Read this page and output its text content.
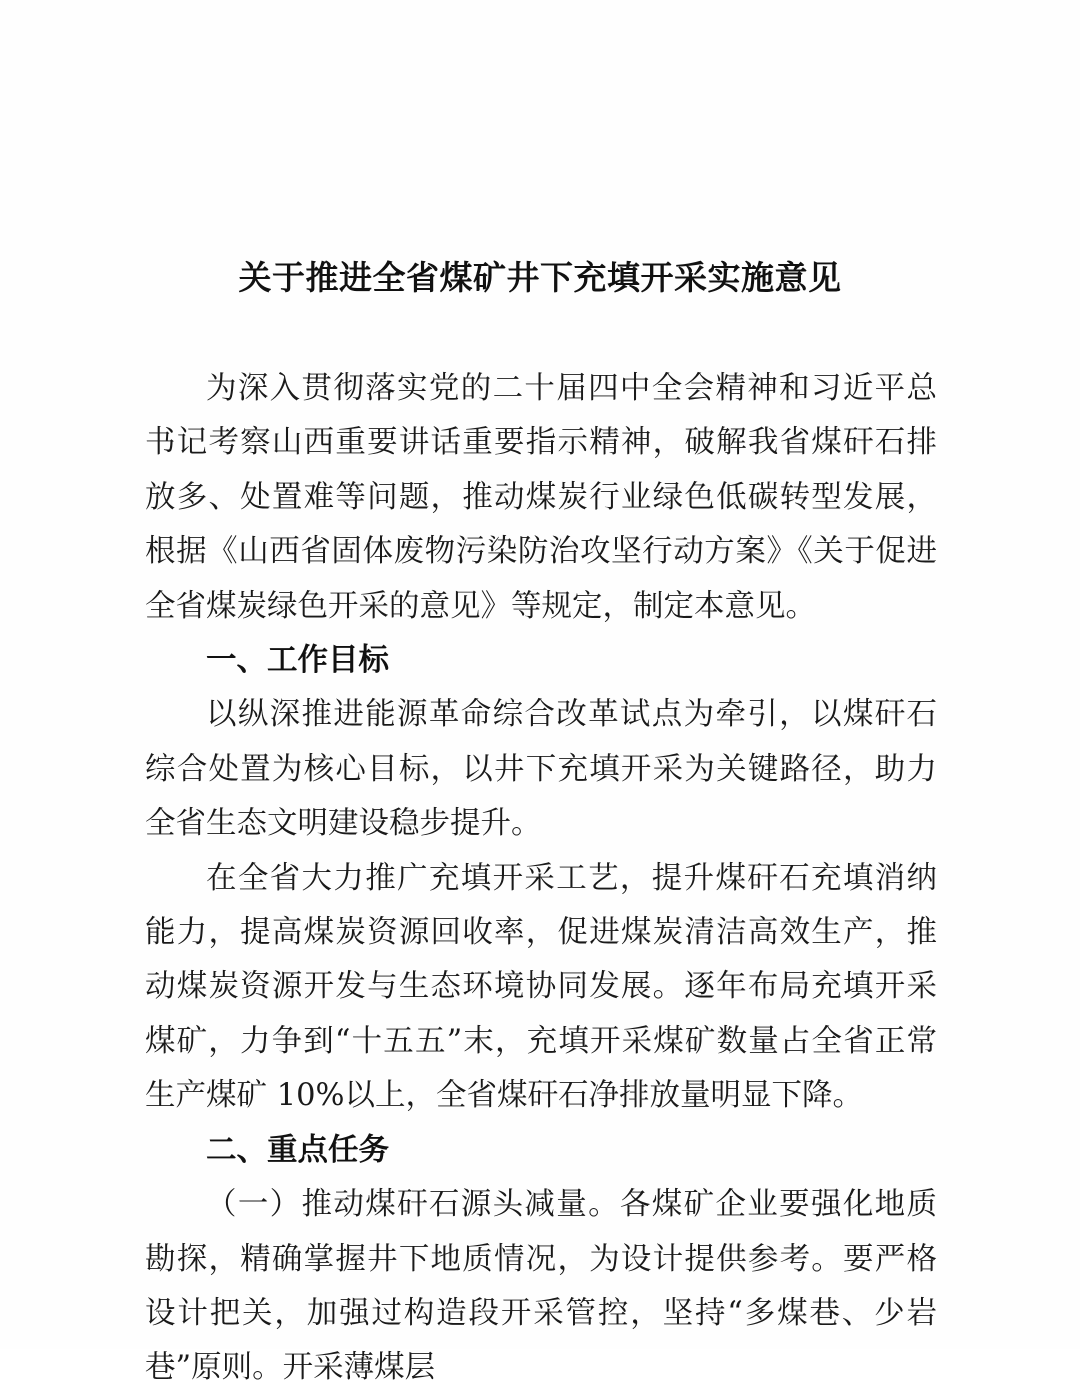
关于推进全省煤矿井下充填开采实施意见

为深入贯彻落实党的二十届四中全会精神和习近平总书记考察山西重要讲话重要指示精神，破解我省煤矸石排放多、处置难等问题，推动煤炭行业绿色低碳转型发展，根据《山西省固体废物污染防治攻坚行动方案》《关于促进全省煤炭绿色开采的意见》等规定，制定本意见。

一、工作目标

以纵深推进能源革命综合改革试点为牵引，以煤矸石综合处置为核心目标，以井下充填开采为关键路径，助力全省生态文明建设稳步提升。

在全省大力推广充填开采工艺，提升煤矸石充填消纳能力，提高煤炭资源回收率，促进煤炭清洁高效生产，推动煤炭资源开发与生态环境协同发展。逐年布局充填开采煤矿，力争到“十五五”末，充填开采煤矿数量占全省正常生产煤矿 10%以上，全省煤矸石净排放量明显下降。

二、重点任务

（一）推动煤矸石源头减量。各煤矿企业要强化地质勘探，精确掌握井下地质情况，为设计提供参考。要严格设计把关，加强过构造段开采管控，坚持“多煤巷、少岩巷”原则。开采薄煤层
